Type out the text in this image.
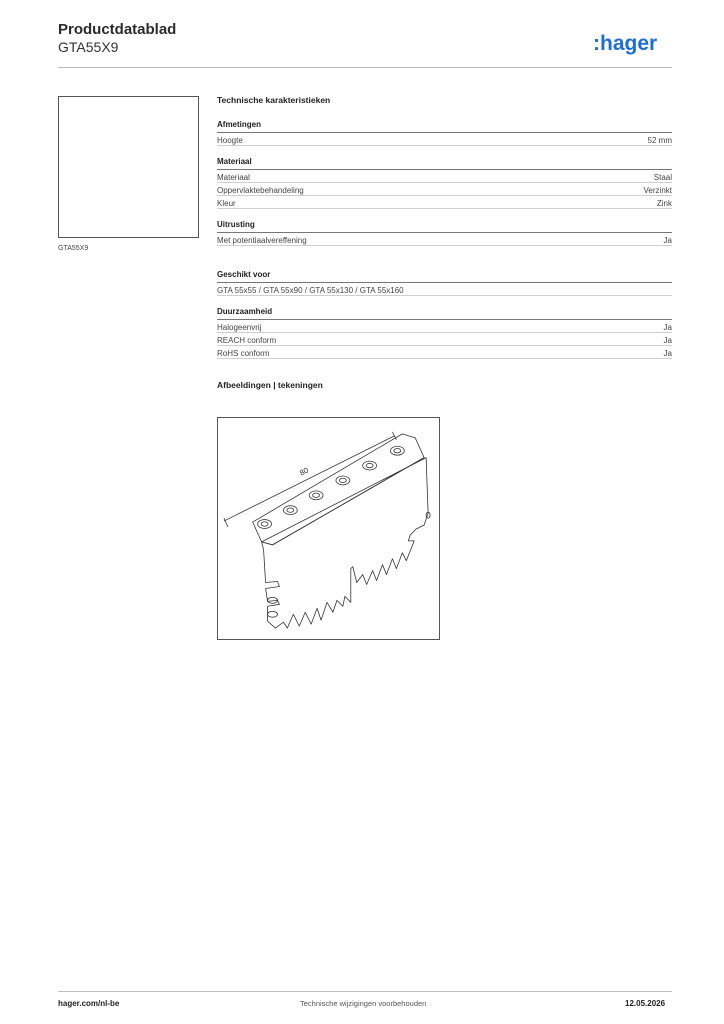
Productdatablad
GTA55X9	:hager
GTA55X9
Technische karakteristieken
Afmetingen
Hoogte	52 mm
Materiaal
Materiaal	Staal
Oppervlaktebehandeling	Verzinkt
Kleur	Zink
Uitrusting
Met potentiaalvereffening	Ja
Geschikt voor
GTA 55x55 / GTA 55x90 / GTA 55x130 / GTA 55x160
Duurzaamheid
Halogeenvrij	Ja
REACH conform	Ja
RoHS conform	Ja
Afbeeldingen | tekeningen
80
hager.com/nl-be	Technische wijzigingen voorbehouden	12.05.2026
